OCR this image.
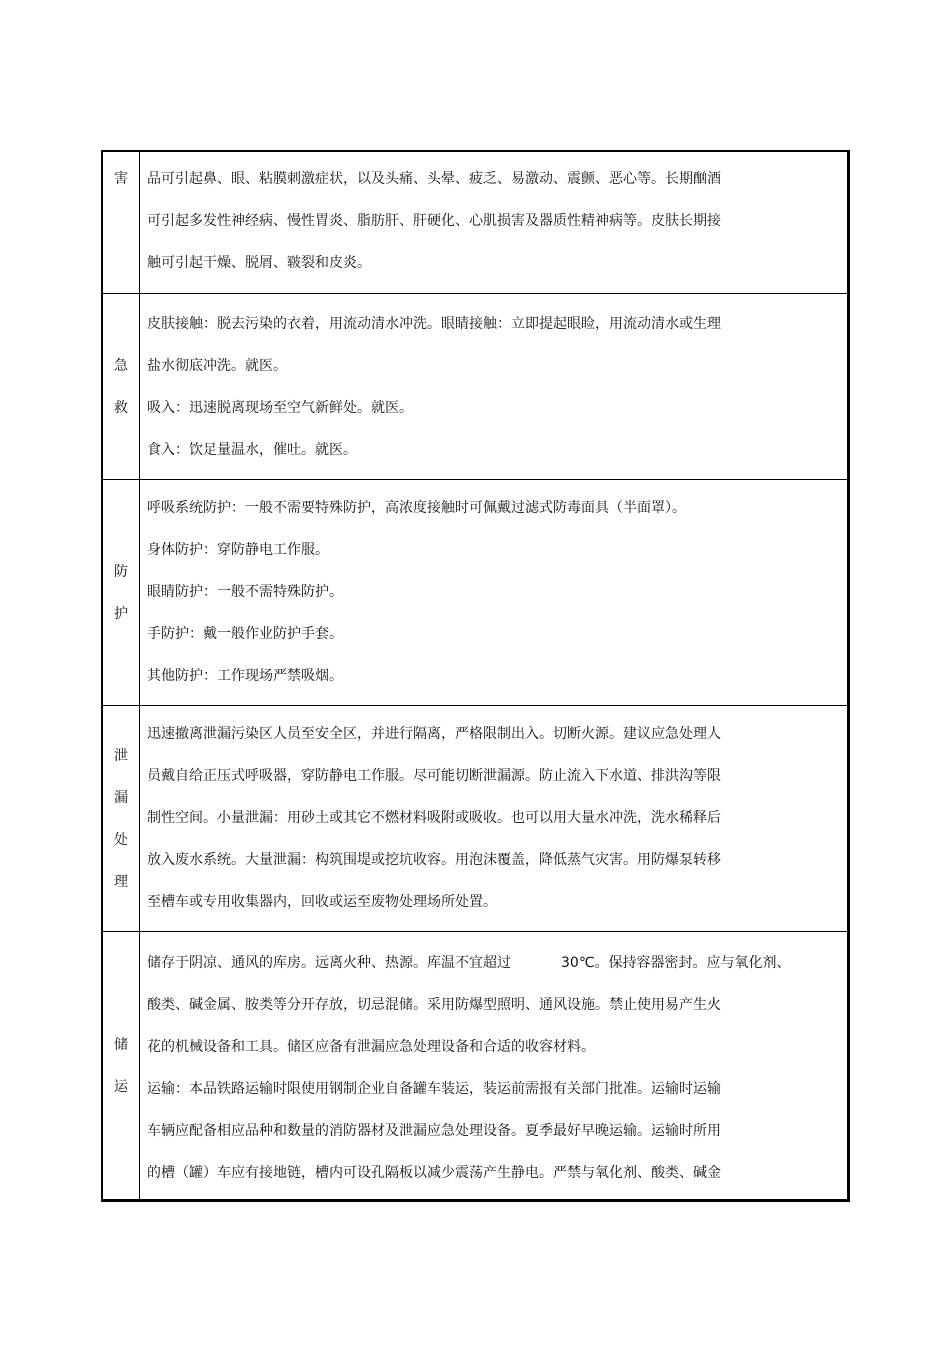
害 品可引起鼻、眼、粘膜刺激症状，以及头痛、头晕、疲乏、易激动、震颤、恶心等。长期酗酒
可引起多发性神经病、慢性胃炎、脂肪肝、肝硬化、心肌损害及器质性精神病等。皮肤长期接
触可引起干燥、脱屑、皲裂和皮炎。
急
救
皮肤接触：脱去污染的衣着，用流动清水冲洗。眼睛接触：立即提起眼睑，用流动清水或生理
盐水彻底冲洗。就医。
吸入：迅速脱离现场至空气新鲜处。就医。
食入：饮足量温水，催吐。就医。
防
护
呼吸系统防护：一般不需要特殊防护，高浓度接触时可佩戴过滤式防毒面具（半面罩）。
身体防护：穿防静电工作服。
眼睛防护：一般不需特殊防护。
手防护：戴一般作业防护手套。
其他防护：工作现场严禁吸烟。
泄
漏
处
理
迅速撤离泄漏污染区人员至安全区，并进行隔离，严格限制出入。切断火源。建议应急处理人
员戴自给正压式呼吸器，穿防静电工作服。尽可能切断泄漏源。防止流入下水道、排洪沟等限
制性空间。小量泄漏：用砂土或其它不燃材料吸附或吸收。也可以用大量水冲洗，洗水稀释后
放入废水系统。大量泄漏：构筑围堤或挖坑收容。用泡沫覆盖，降低蒸气灾害。用防爆泵转移
至槽车或专用收集器内，回收或运至废物处理场所处置。
储
运
储存于阴凉、通风的库房。远离火种、热源。库温不宜超过	30℃。保持容器密封。应与氧化剂、
酸类、碱金属、胺类等分开存放，切忌混储。采用防爆型照明、通风设施。禁止使用易产生火
花的机械设备和工具。储区应备有泄漏应急处理设备和合适的收容材料。
运输：本品铁路运输时限使用钢制企业自备罐车装运，装运前需报有关部门批准。运输时运输
车辆应配备相应品种和数量的消防器材及泄漏应急处理设备。夏季最好早晚运输。运输时所用
的槽（罐）车应有接地链，槽内可设孔隔板以减少震荡产生静电。严禁与氧化剂、酸类、碱金
